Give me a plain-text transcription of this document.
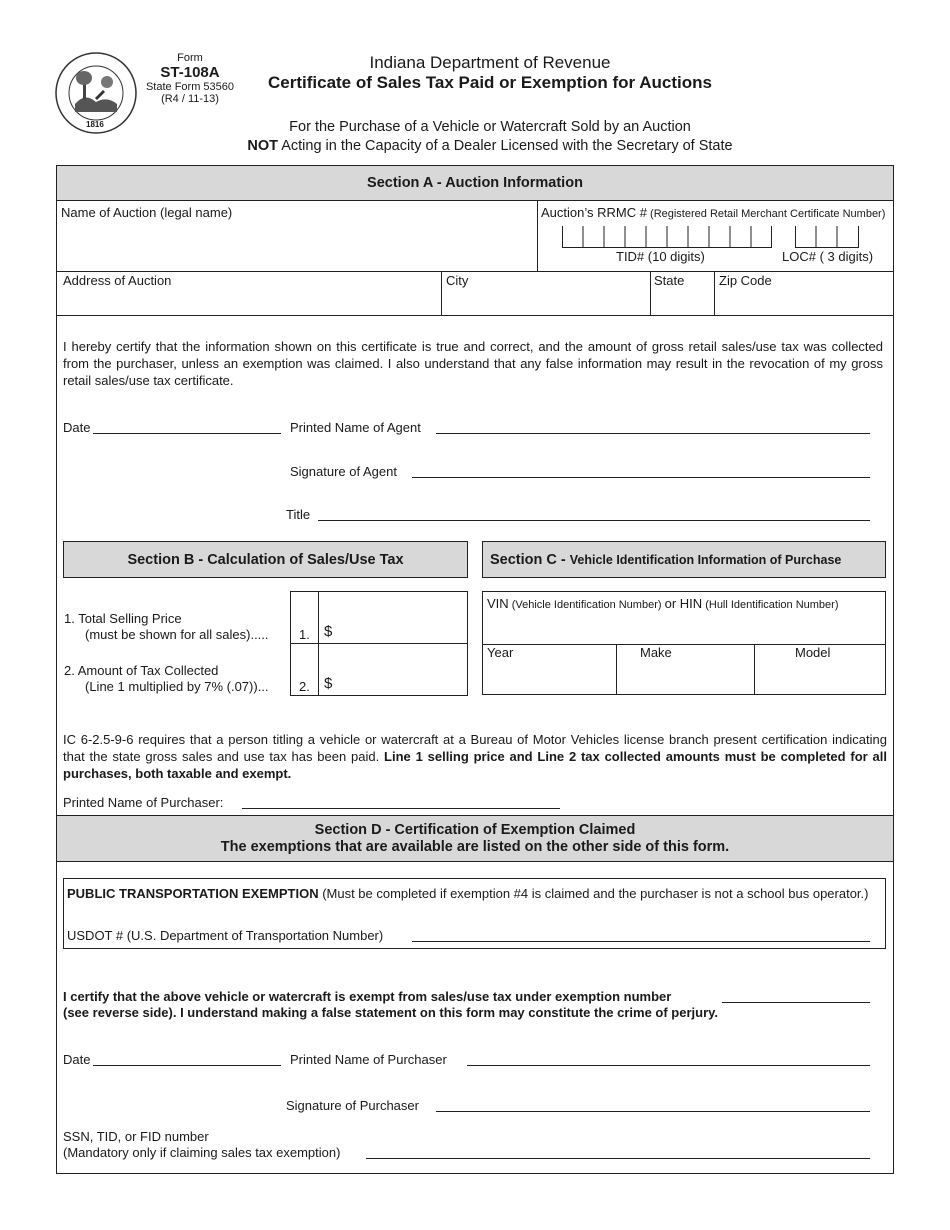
1816
Form
ST-108A
State Form 53560
(R4 / 11-13)
Indiana Department of Revenue
Certificate of Sales Tax Paid or Exemption for Auctions
For the Purchase of a Vehicle or Watercraft Sold by an Auction
NOT Acting in the Capacity of a Dealer Licensed with the Secretary of State
Section A - Auction Information
Name of Auction (legal name)	Auction’s RRMC # (Registered Retail Merchant Certificate Number)
TID# (10 digits)	LOC# ( 3 digits)
Address of Auction	City	State	Zip Code
I hereby certify that the information shown on this certificate is true and correct, and the amount of gross retail sales/use tax was collected from the purchaser, unless an exemption was claimed. I also understand that any false information may result in the revocation of my gross retail sales/use tax certificate.
Date	Printed Name of Agent
Signature of Agent
Title
Section B - Calculation of Sales/Use Tax
1. Total Selling Price
(must be shown for all sales).....
2. Amount of Tax Collected
(Line 1 multiplied by 7% (.07))...
1. $
2. $
Section C - Vehicle Identification Information of Purchase
VIN (Vehicle Identification Number) or HIN (Hull Identification Number)
Year	Make	Model
IC 6-2.5-9-6 requires that a person titling a vehicle or watercraft at a Bureau of Motor Vehicles license branch present certification indicating that the state gross sales and use tax has been paid. Line 1 selling price and Line 2 tax collected amounts must be completed for all purchases, both taxable and exempt.
Printed Name of Purchaser:
Section D - Certification of Exemption Claimed
The exemptions that are available are listed on the other side of this form.
PUBLIC TRANSPORTATION EXEMPTION (Must be completed if exemption #4 is claimed and the purchaser is not a school bus operator.)
USDOT # (U.S. Department of Transportation Number)
I certify that the above vehicle or watercraft is exempt from sales/use tax under exemption number
(see reverse side). I understand making a false statement on this form may constitute the crime of perjury.
Date	Printed Name of Purchaser
Signature of Purchaser
SSN, TID, or FID number
(Mandatory only if claiming sales tax exemption)
